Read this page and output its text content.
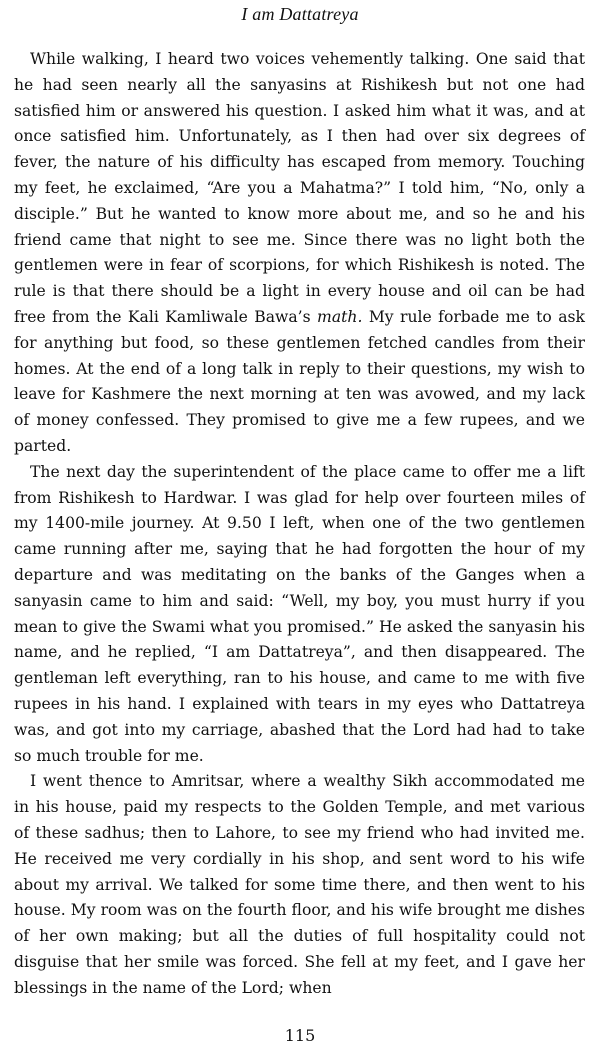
I am Dattatreya

While walking, I heard two voices vehemently talking. One said that he had seen nearly all the sanyasins at Rishikesh but not one had satisfied him or answered his question. I asked him what it was, and at once satisfied him. Unfortunately, as I then had over six degrees of fever, the nature of his difficulty has escaped from memory. Touching my feet, he exclaimed, “Are you a Mahatma?” I told him, “No, only a disciple.” But he wanted to know more about me, and so he and his friend came that night to see me. Since there was no light both the gentlemen were in fear of scorpions, for which Rishikesh is noted. The rule is that there should be a light in every house and oil can be had free from the Kali Kamliwale Bawa’s math. My rule forbade me to ask for anything but food, so these gentlemen fetched candles from their homes. At the end of a long talk in reply to their questions, my wish to leave for Kashmere the next morning at ten was avowed, and my lack of money confessed. They promised to give me a few rupees, and we parted.

The next day the superintendent of the place came to offer me a lift from Rishikesh to Hardwar. I was glad for help over fourteen miles of my 1400-mile journey. At 9.50 I left, when one of the two gentlemen came running after me, saying that he had forgotten the hour of my departure and was meditating on the banks of the Ganges when a sanyasin came to him and said: “Well, my boy, you must hurry if you mean to give the Swami what you promised.” He asked the sanyasin his name, and he replied, “I am Dattatreya”, and then disappeared. The gentleman left everything, ran to his house, and came to me with five rupees in his hand. I explained with tears in my eyes who Dattatreya was, and got into my carriage, abashed that the Lord had had to take so much trouble for me.

I went thence to Amritsar, where a wealthy Sikh accommodated me in his house, paid my respects to the Golden Temple, and met various of these sadhus; then to Lahore, to see my friend who had invited me. He received me very cordially in his shop, and sent word to his wife about my arrival. We talked for some time there, and then went to his house. My room was on the fourth floor, and his wife brought me dishes of her own making; but all the duties of full hospitality could not disguise that her smile was forced. She fell at my feet, and I gave her blessings in the name of the Lord; when

115
